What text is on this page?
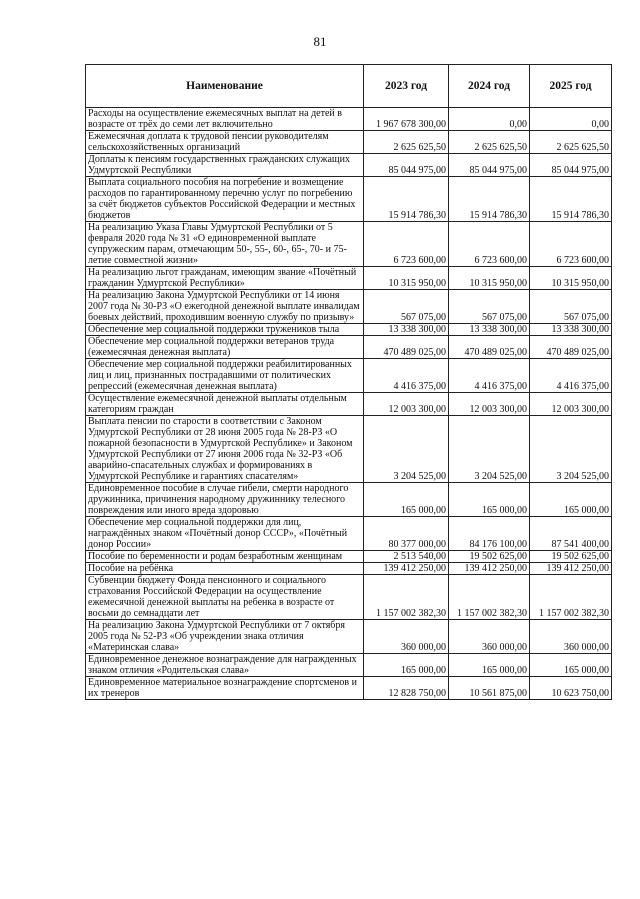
81
Наименование	2023 год	2024 год	2025 год
Расходы на осуществление ежемесячных выплат на детей в возрасте от трёх до семи лет включительно	1 967 678 300,00	0,00	0,00
Ежемесячная доплата к трудовой пенсии руководителям сельскохозяйственных организаций	2 625 625,50	2 625 625,50	2 625 625,50
Доплаты к пенсиям государственных гражданских служащих Удмуртской Республики	85 044 975,00	85 044 975,00	85 044 975,00
Выплата социального пособия на погребение и возмещение расходов по гарантированному перечню услуг по погребению за счёт бюджетов субъектов Российской Федерации и местных бюджетов	15 914 786,30	15 914 786,30	15 914 786,30
На реализацию Указа Главы Удмуртской Республики от 5 февраля 2020 года № 31 «О единовременной выплате супружеским парам, отмечающим 50-, 55-, 60-, 65-, 70- и 75-летие совместной жизни»	6 723 600,00	6 723 600,00	6 723 600,00
На реализацию льгот гражданам, имеющим звание «Почётный гражданин Удмуртской Республики»	10 315 950,00	10 315 950,00	10 315 950,00
На реализацию Закона Удмуртской Республики от 14 июня 2007 года № 30-РЗ «О ежегодной денежной выплате инвалидам боевых действий, проходившим военную службу по призыву»	567 075,00	567 075,00	567 075,00
Обеспечение мер социальной поддержки тружеников тыла	13 338 300,00	13 338 300,00	13 338 300,00
Обеспечение мер социальной поддержки ветеранов труда (ежемесячная денежная выплата)	470 489 025,00	470 489 025,00	470 489 025,00
Обеспечение мер социальной поддержки реабилитированных лиц и лиц, признанных пострадавшими от политических репрессий (ежемесячная денежная выплата)	4 416 375,00	4 416 375,00	4 416 375,00
Осуществление ежемесячной денежной выплаты отдельным категориям граждан	12 003 300,00	12 003 300,00	12 003 300,00
Выплата пенсии по старости в соответствии с Законом Удмуртской Республики от 28 июня 2005 года № 28-РЗ «О пожарной безопасности в Удмуртской Республике» и Законом Удмуртской Республики от 27 июня 2006 года № 32-РЗ «Об аварийно-спасательных службах и формированиях в Удмуртской Республике и гарантиях спасателям»	3 204 525,00	3 204 525,00	3 204 525,00
Единовременное пособие в случае гибели, смерти народного дружинника, причинения народному дружиннику телесного повреждения или иного вреда здоровью	165 000,00	165 000,00	165 000,00
Обеспечение мер социальной поддержки для лиц, награждённых знаком «Почётный донор СССР», «Почётный донор России»	80 377 000,00	84 176 100,00	87 541 400,00
Пособие по беременности и родам безработным женщинам	2 513 540,00	19 502 625,00	19 502 625,00
Пособие на ребёнка	139 412 250,00	139 412 250,00	139 412 250,00
Субвенции бюджету Фонда пенсионного и социального страхования Российской Федерации на осуществление ежемесячной денежной выплаты на ребенка в возрасте от восьми до семнадцати лет	1 157 002 382,30	1 157 002 382,30	1 157 002 382,30
На реализацию Закона Удмуртской Республики от 7 октября 2005 года № 52-РЗ «Об учреждении знака отличия «Материнская слава»	360 000,00	360 000,00	360 000,00
Единовременное денежное вознаграждение для награжденных знаком отличия «Родительская слава»	165 000,00	165 000,00	165 000,00
Единовременное материальное вознаграждение спортсменов и их тренеров	12 828 750,00	10 561 875,00	10 623 750,00
